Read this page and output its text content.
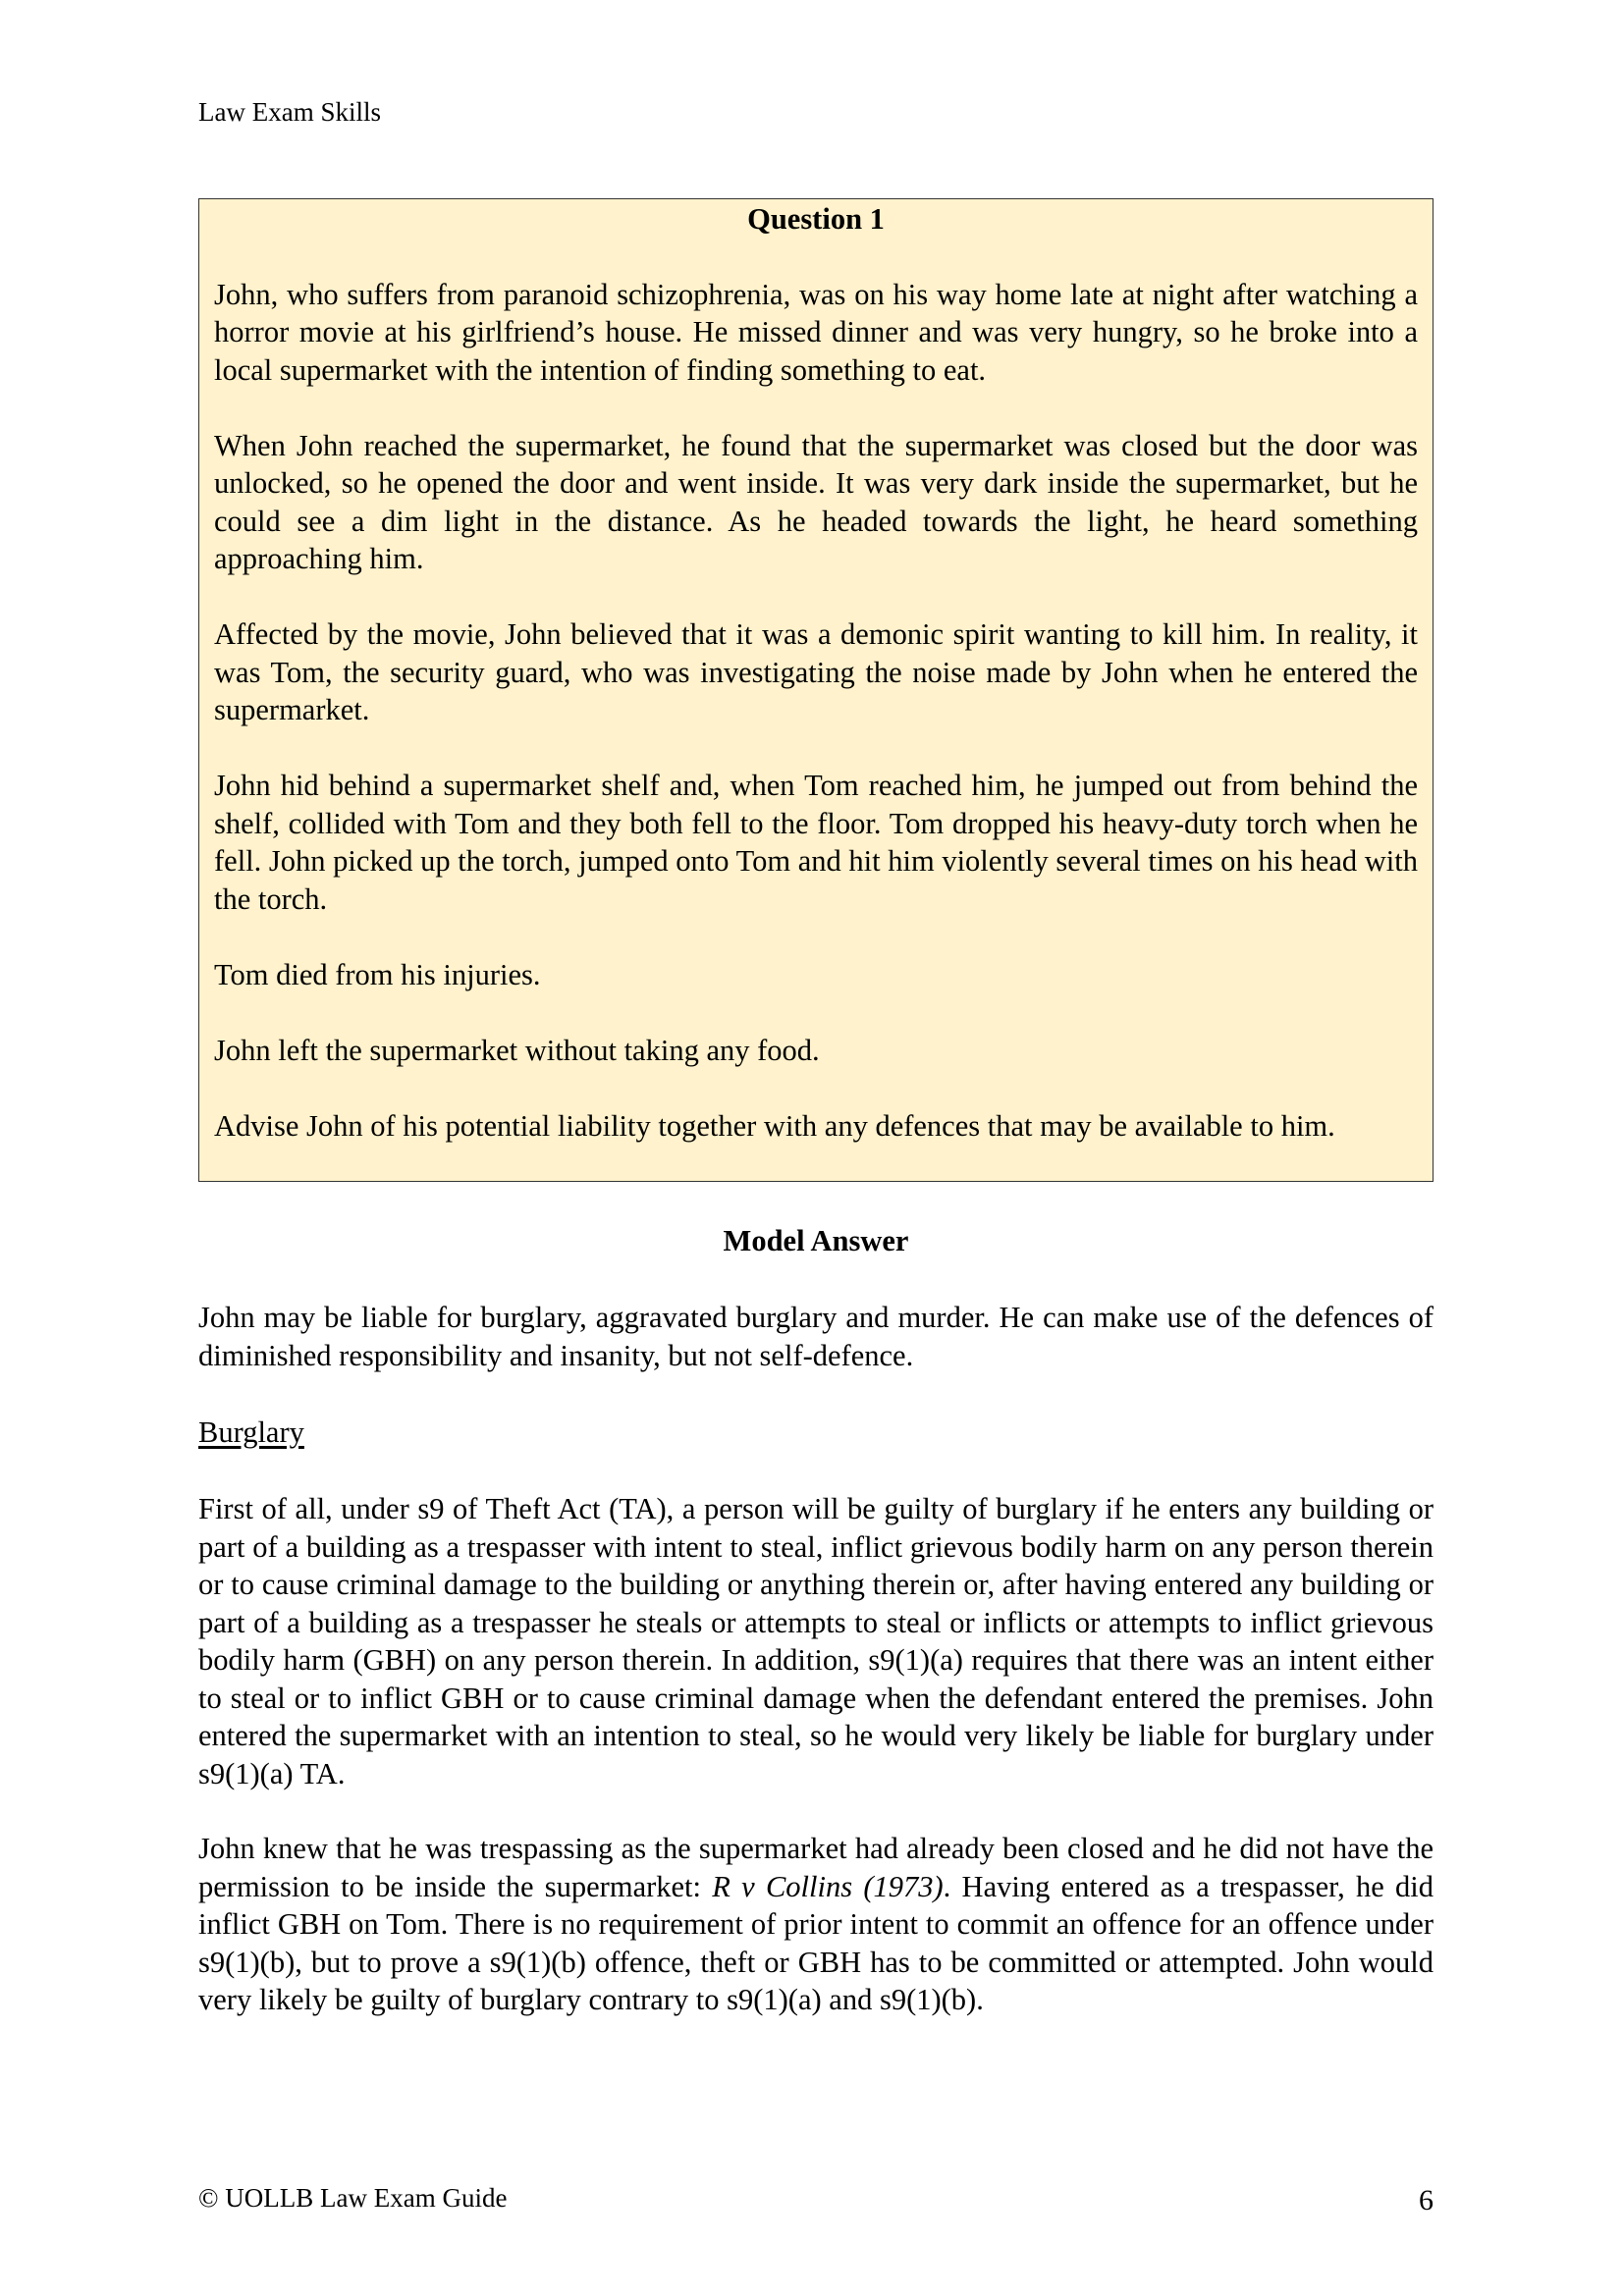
Law Exam Skills

Question 1

John, who suffers from paranoid schizophrenia, was on his way home late at night after watching a horror movie at his girlfriend’s house. He missed dinner and was very hungry, so he broke into a local supermarket with the intention of finding something to eat.

When John reached the supermarket, he found that the supermarket was closed but the door was unlocked, so he opened the door and went inside. It was very dark inside the supermarket, but he could see a dim light in the distance. As he headed towards the light, he heard something approaching him.

Affected by the movie, John believed that it was a demonic spirit wanting to kill him. In reality, it was Tom, the security guard, who was investigating the noise made by John when he entered the supermarket.

John hid behind a supermarket shelf and, when Tom reached him, he jumped out from behind the shelf, collided with Tom and they both fell to the floor. Tom dropped his heavy-duty torch when he fell. John picked up the torch, jumped onto Tom and hit him violently several times on his head with the torch.

Tom died from his injuries.

John left the supermarket without taking any food.

Advise John of his potential liability together with any defences that may be available to him.

Model Answer

John may be liable for burglary, aggravated burglary and murder. He can make use of the defences of diminished responsibility and insanity, but not self-defence.

Burglary

First of all, under s9 of Theft Act (TA), a person will be guilty of burglary if he enters any building or part of a building as a trespasser with intent to steal, inflict grievous bodily harm on any person therein or to cause criminal damage to the building or anything therein or, after having entered any building or part of a building as a trespasser he steals or attempts to steal or inflicts or attempts to inflict grievous bodily harm (GBH) on any person therein. In addition, s9(1)(a) requires that there was an intent either to steal or to inflict GBH or to cause criminal damage when the defendant entered the premises. John entered the supermarket with an intention to steal, so he would very likely be liable for burglary under s9(1)(a) TA.

John knew that he was trespassing as the supermarket had already been closed and he did not have the permission to be inside the supermarket: R v Collins (1973). Having entered as a trespasser, he did inflict GBH on Tom. There is no requirement of prior intent to commit an offence for an offence under s9(1)(b), but to prove a s9(1)(b) offence, theft or GBH has to be committed or attempted. John would very likely be guilty of burglary contrary to s9(1)(a) and s9(1)(b).

© UOLLB Law Exam Guide	6
